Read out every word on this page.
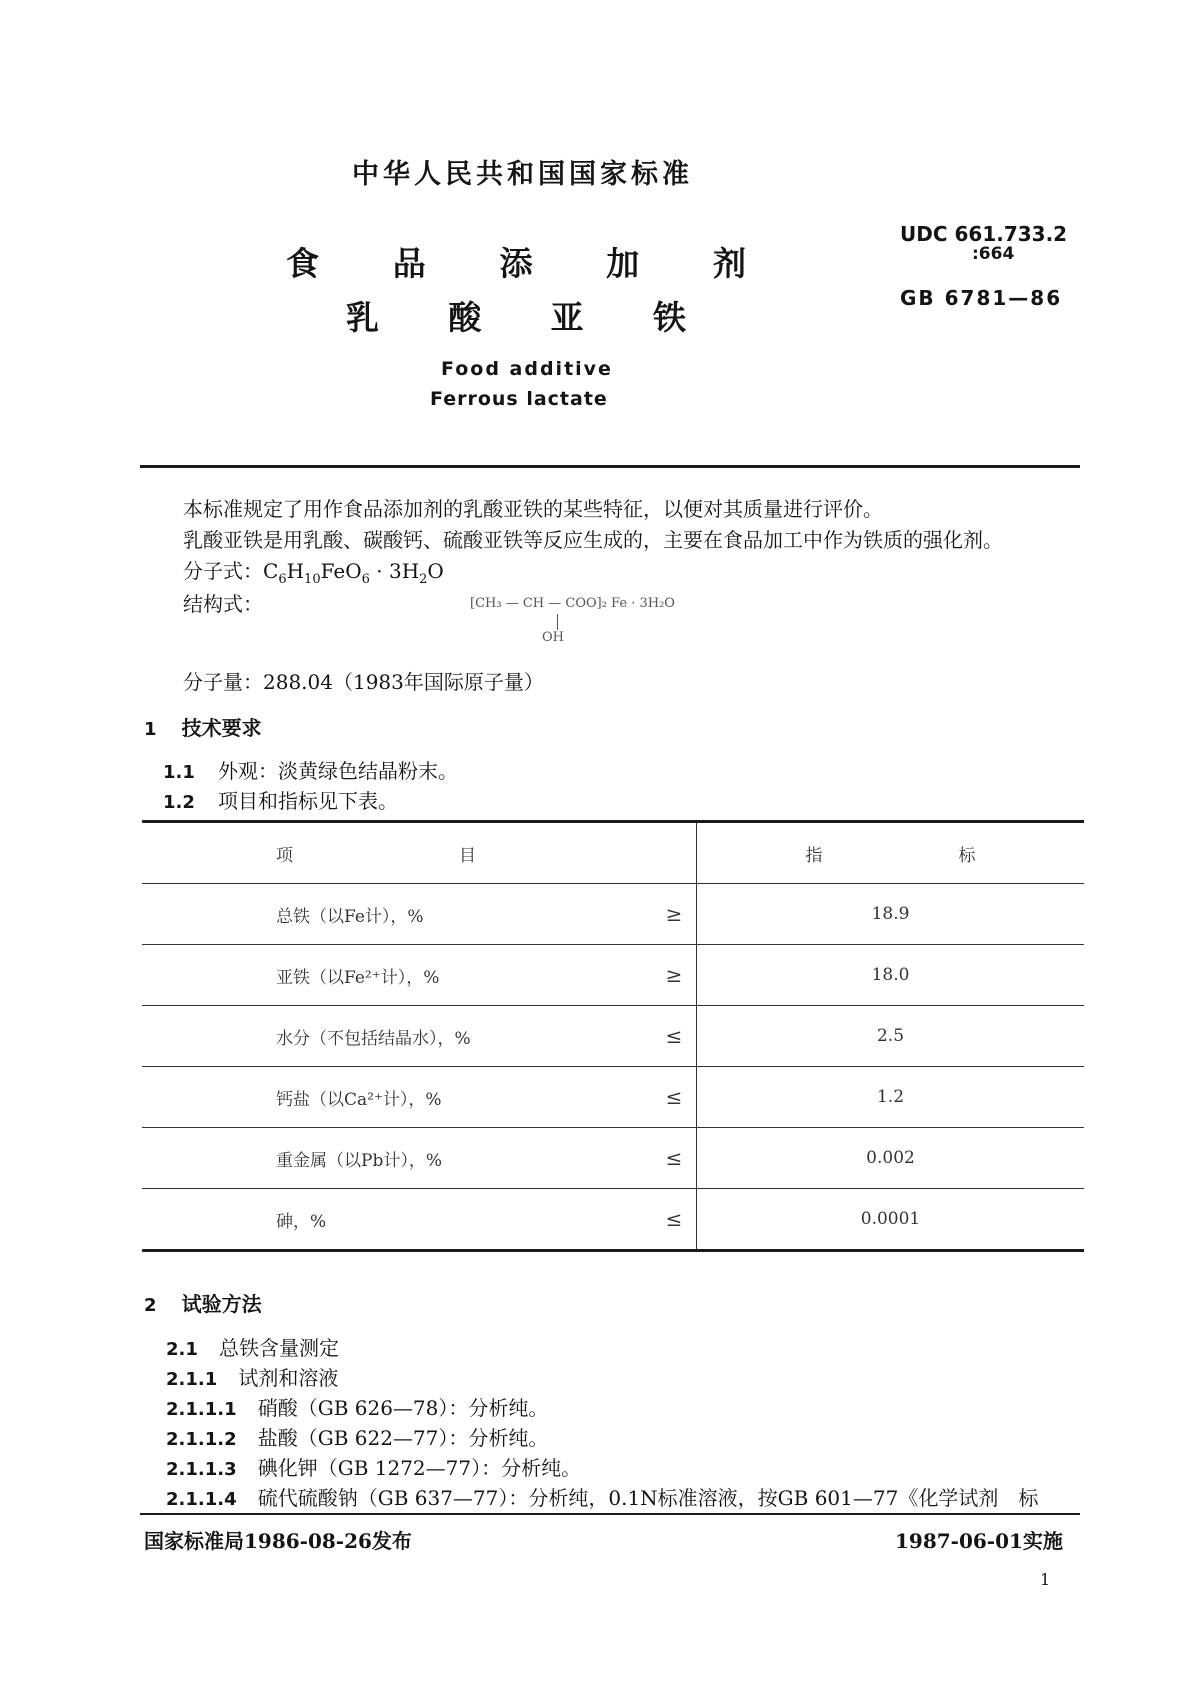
中华人民共和国国家标准
食 品 添 加 剂
乳 酸 亚 铁
Food additive
Ferrous lactate
UDC 661.733.2
:664
GB 6781—86
本标准规定了用作食品添加剂的乳酸亚铁的某些特征，以便对其质量进行评价。
乳酸亚铁是用乳酸、碳酸钙、硫酸亚铁等反应生成的，主要在食品加工中作为铁质的强化剂。
分子式：$C_6H_{10}FeO_6 \cdot 3H_2O$
结构式：	[CH₃ — CH — COO]₂ Fe · 3H₂O
OH
分子量：288.04（1983年国际原子量）
1 技术要求
1.1 外观：淡黄绿色结晶粉末。
1.2 项目和指标见下表。
项 目		指 标

总铁（以Fe计），%	≥	18.9
亚铁（以Fe²⁺计），%	≥	18.0
水分（不包括结晶水），%	≤	2.5
钙盐（以Ca²⁺计），%	≤	1.2
重金属（以Pb计），%	≤	0.002
砷，%	≤	0.0001
2 试验方法
2.1 总铁含量测定
2.1.1 试剂和溶液
2.1.1.1 硝酸（GB 626—78）：分析纯。
2.1.1.2 盐酸（GB 622—77）：分析纯。
2.1.1.3 碘化钾（GB 1272—77）：分析纯。
2.1.1.4 硫代硫酸钠（GB 637—77）：分析纯，0.1N标准溶液，按GB 601—77《化学试剂　标
国家标准局1986-08-26发布	1987-06-01实施
1
